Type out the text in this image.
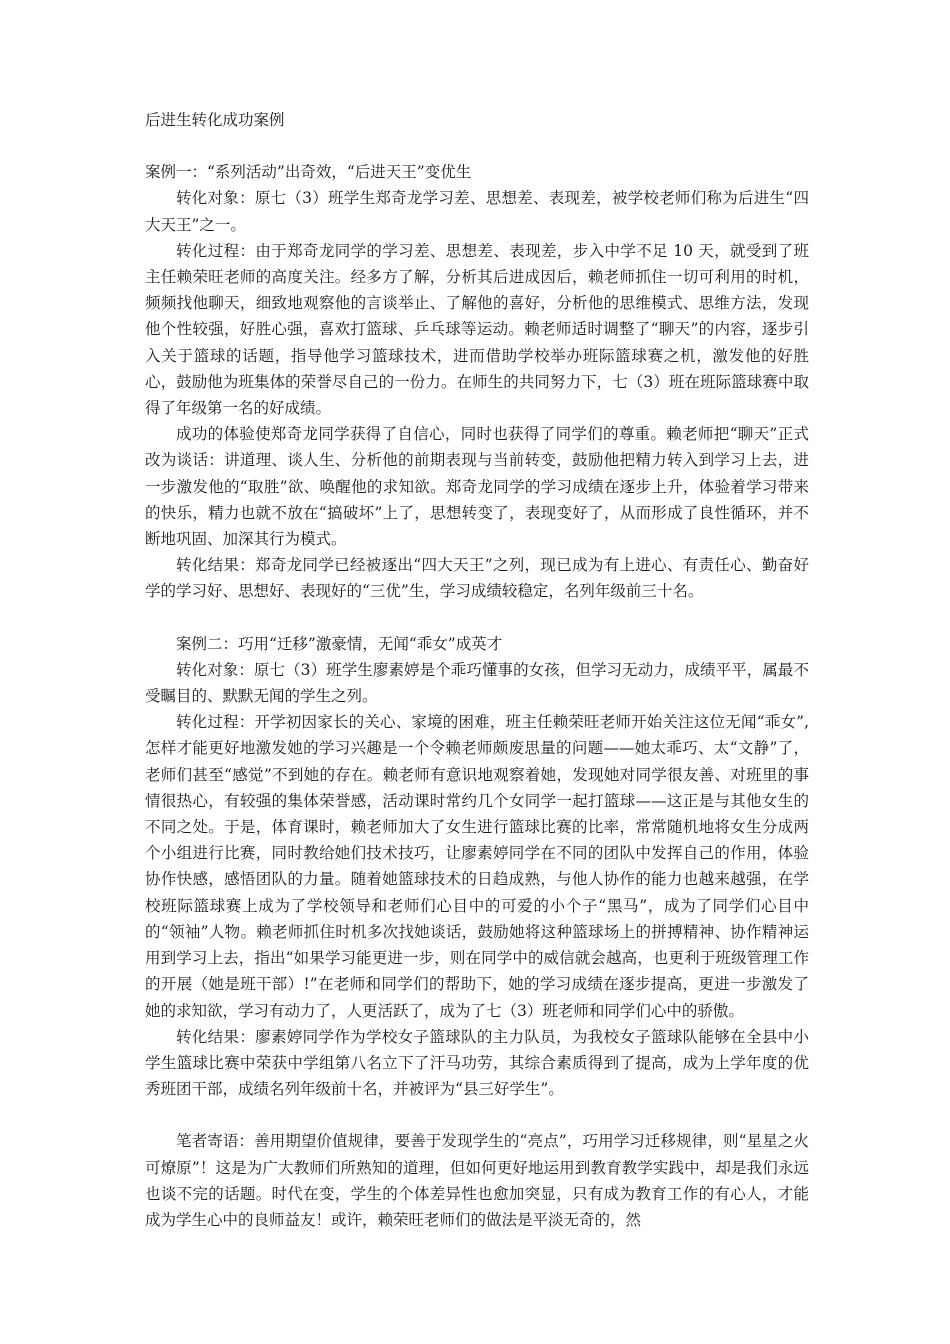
后进生转化成功案例

案例一：“系列活动”出奇效，“后进天王”变优生

转化对象：原七（3）班学生郑奇龙学习差、思想差、表现差，被学校老师们称为后进生“四大天王”之一。

转化过程：由于郑奇龙同学的学习差、思想差、表现差，步入中学不足 10 天，就受到了班主任赖荣旺老师的高度关注。经多方了解，分析其后进成因后，赖老师抓住一切可利用的时机，频频找他聊天，细致地观察他的言谈举止、了解他的喜好，分析他的思维模式、思维方法，发现他个性较强，好胜心强，喜欢打篮球、乒乓球等运动。赖老师适时调整了“聊天”的内容，逐步引入关于篮球的话题，指导他学习篮球技术，进而借助学校举办班际篮球赛之机，激发他的好胜心，鼓励他为班集体的荣誉尽自己的一份力。在师生的共同努力下，七（3）班在班际篮球赛中取得了年级第一名的好成绩。

成功的体验使郑奇龙同学获得了自信心，同时也获得了同学们的尊重。赖老师把“聊天”正式改为谈话：讲道理、谈人生、分析他的前期表现与当前转变，鼓励他把精力转入到学习上去，进一步激发他的“取胜”欲、唤醒他的求知欲。郑奇龙同学的学习成绩在逐步上升，体验着学习带来的快乐，精力也就不放在“搞破坏”上了，思想转变了，表现变好了，从而形成了良性循环，并不断地巩固、加深其行为模式。

转化结果：郑奇龙同学已经被逐出“四大天王”之列，现已成为有上进心、有责任心、勤奋好学的学习好、思想好、表现好的“三优”生，学习成绩较稳定，名列年级前三十名。

案例二：巧用“迁移”激豪情，无闻“乖女”成英才

转化对象：原七（3）班学生廖素婷是个乖巧懂事的女孩，但学习无动力，成绩平平，属最不受瞩目的、默默无闻的学生之列。

转化过程：开学初因家长的关心、家境的困难，班主任赖荣旺老师开始关注这位无闻“乖女”,怎样才能更好地激发她的学习兴趣是一个令赖老师颇废思量的问题——她太乖巧、太“文静”了，老师们甚至“感觉”不到她的存在。赖老师有意识地观察着她，发现她对同学很友善、对班里的事情很热心，有较强的集体荣誉感，活动课时常约几个女同学一起打篮球——这正是与其他女生的不同之处。于是，体育课时，赖老师加大了女生进行篮球比赛的比率，常常随机地将女生分成两个小组进行比赛，同时教给她们技术技巧，让廖素婷同学在不同的团队中发挥自己的作用，体验协作快感，感悟团队的力量。随着她篮球技术的日趋成熟，与他人协作的能力也越来越强，在学校班际篮球赛上成为了学校领导和老师们心目中的可爱的小个子“黑马”，成为了同学们心目中的“领袖”人物。赖老师抓住时机多次找她谈话，鼓励她将这种篮球场上的拼搏精神、协作精神运用到学习上去，指出“如果学习能更进一步，则在同学中的威信就会越高，也更利于班级管理工作的开展（她是班干部）!”在老师和同学们的帮助下，她的学习成绩在逐步提高，更进一步激发了她的求知欲，学习有动力了，人更活跃了，成为了七（3）班老师和同学们心中的骄傲。

转化结果：廖素婷同学作为学校女子篮球队的主力队员，为我校女子篮球队能够在全县中小学生篮球比赛中荣获中学组第八名立下了汗马功劳，其综合素质得到了提高，成为上学年度的优秀班团干部，成绩名列年级前十名，并被评为“县三好学生”。

笔者寄语：善用期望价值规律，要善于发现学生的“亮点”，巧用学习迁移规律，则“星星之火可燎原”！这是为广大教师们所熟知的道理，但如何更好地运用到教育教学实践中，却是我们永远也谈不完的话题。时代在变，学生的个体差异性也愈加突显，只有成为教育工作的有心人，才能成为学生心中的良师益友！或许，赖荣旺老师们的做法是平淡无奇的，然
